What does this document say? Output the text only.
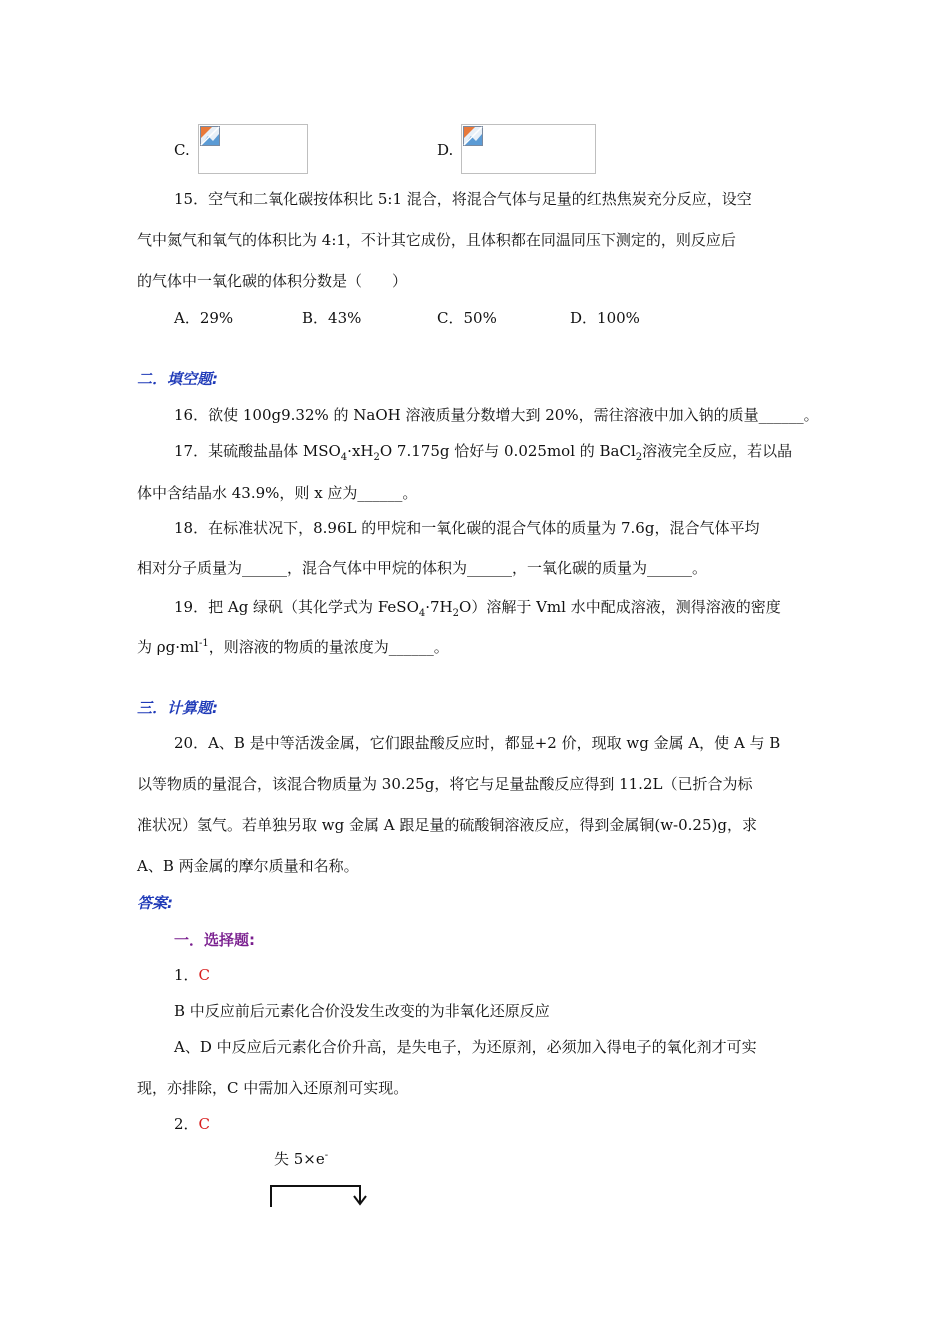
C.	D.
15．空气和二氧化碳按体积比 5:1 混合，将混合气体与足量的红热焦炭充分反应，设空
气中氮气和氧气的体积比为 4:1，不计其它成份，且体积都在同温同压下测定的，则反应后
的气体中一氧化碳的体积分数是（　　）
A．29%	B．43%	C．50%	D．100%
二．填空题:
16．欲使 100g9.32% 的 NaOH 溶液质量分数增大到 20%，需往溶液中加入钠的质量______。
17．某硫酸盐晶体 $MSO_4\cdot xH_2O$ 7.175g 恰好与 0.025mol 的 BaCl$_2$溶液完全反应，若以晶
体中含结晶水 43.9%，则 x 应为______。
18．在标准状况下，8.96L 的甲烷和一氧化碳的混合气体的质量为 7.6g，混合气体平均
相对分子质量为______，混合气体中甲烷的体积为______，一氧化碳的质量为______。
19．把 Ag 绿矾（其化学式为 $FeSO_4\cdot 7H_2O$）溶解于 Vml 水中配成溶液，测得溶液的密度
为 $\rho g\cdot ml^{-1}$，则溶液的物质的量浓度为______。
三．计算题:
20．A、B 是中等活泼金属，它们跟盐酸反应时，都显+2 价，现取 wg 金属 A，使 A 与 B
以等物质的量混合，该混合物质量为 30.25g，将它与足量盐酸反应得到 11.2L（已折合为标
准状况）氢气。若单独另取 wg 金属 A 跟足量的硫酸铜溶液反应，得到金属铜(w-0.25)g，求
A、B 两金属的摩尔质量和名称。
答案:
一．选择题:
1．C
B 中反应前后元素化合价没发生改变的为非氧化还原反应
A、D 中反应后元素化合价升高，是失电子，为还原剂，必须加入得电子的氧化剂才可实
现，亦排除，C 中需加入还原剂可实现。
2．C
失 5×e-
